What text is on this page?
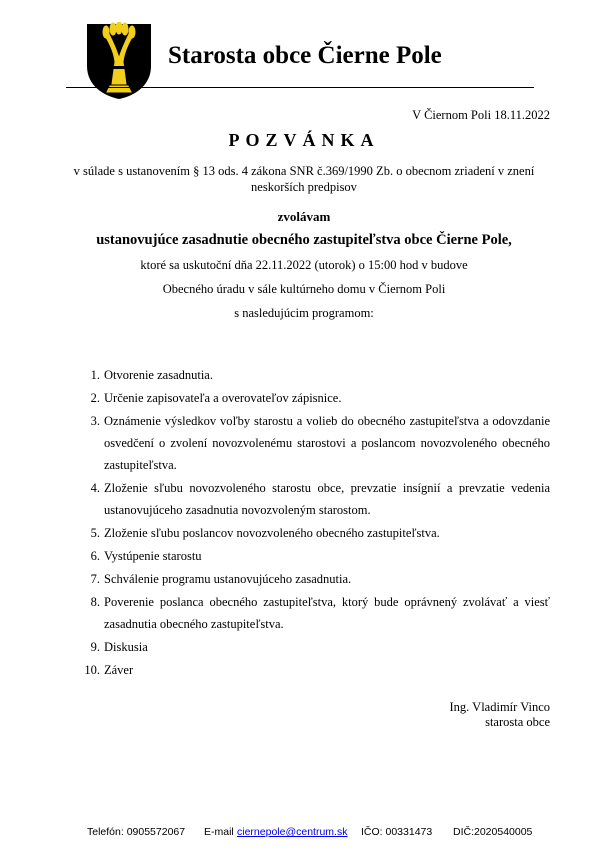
Starosta obce Čierne Pole
V Čiernom Poli 18.11.2022
POZVÁNKA
v súlade s ustanovením § 13 ods. 4 zákona SNR č.369/1990 Zb. o obecnom zriadení v znení neskorších predpisov
zvolávam
ustanovujúce zasadnutie obecného zastupiteľstva obce Čierne Pole,
ktoré sa uskutoční dňa 22.11.2022 (utorok) o 15:00 hod v budove
Obecného úradu v sále kultúrneho domu v Čiernom Poli
s nasledujúcim programom:
1. Otvorenie zasadnutia.
2. Určenie zapisovateľa a overovateľov zápisnice.
3. Oznámenie výsledkov voľby starostu a volieb do obecného zastupiteľstva a odovzdanie osvedčení o zvolení novozvolenému starostovi a poslancom novozvoleného obecného zastupiteľstva.
4. Zloženie sľubu novozvoleného starostu obce, prevzatie insígnií a prevzatie vedenia ustanovujúceho zasadnutia novozvoleným starostom.
5. Zloženie sľubu poslancov novozvoleného obecného zastupiteľstva.
6. Vystúpenie starostu
7. Schválenie programu ustanovujúceho zasadnutia.
8. Poverenie poslanca obecného zastupiteľstva, ktorý bude oprávnený zvolávať a viesť zasadnutia obecného zastupiteľstva.
9. Diskusia
10. Záver
Ing. Vladimír Vinco
starosta obce
Telefón: 0905572067 E-mail ciernepole@centrum.sk IČO: 00331473 DIČ:2020540005
